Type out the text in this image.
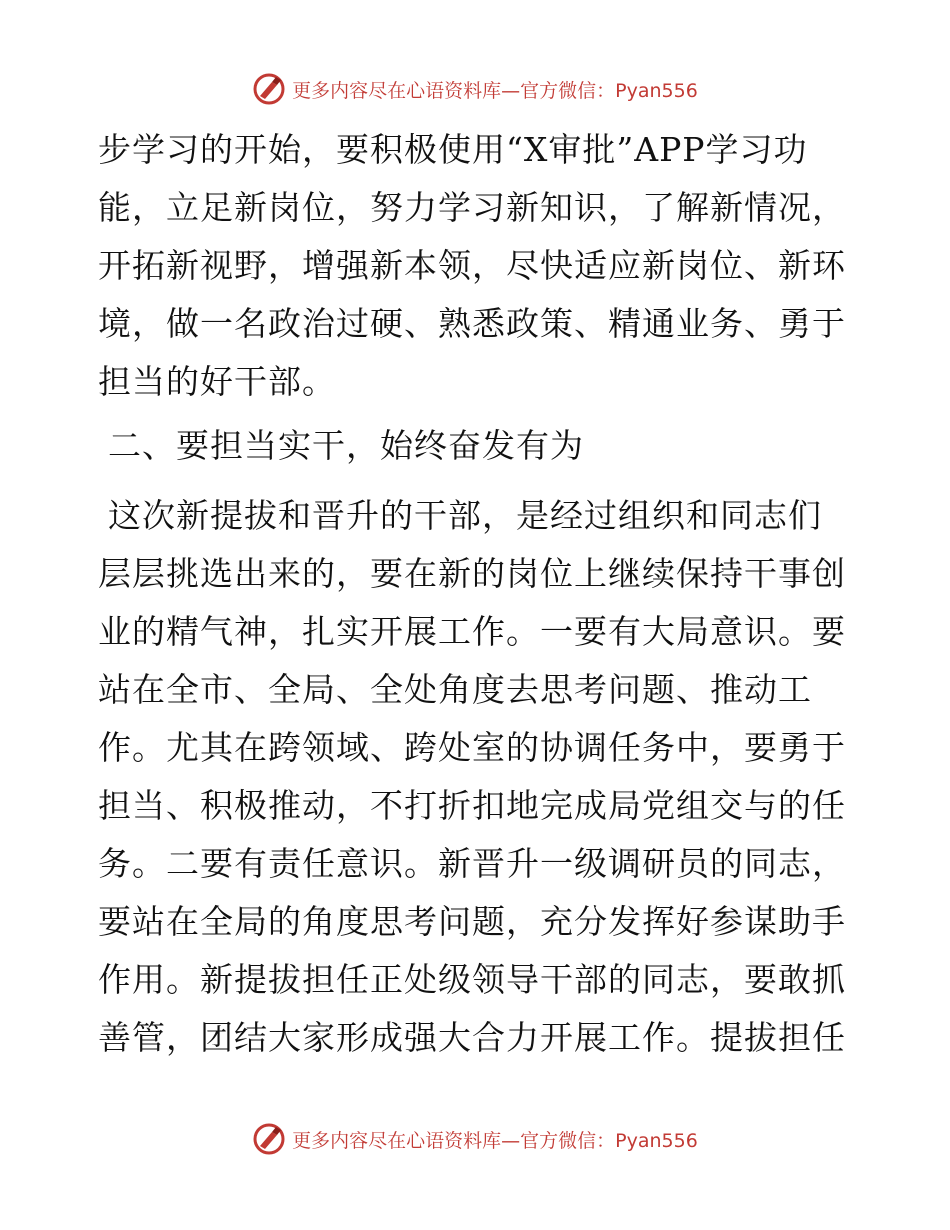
更多内容尽在心语资料库—官方微信：Pyan556
步学习的开始，要积极使用“X审批”APP学习功
能，立足新岗位，努力学习新知识，了解新情况，
开拓新视野，增强新本领，尽快适应新岗位、新环
境，做一名政治过硬、熟悉政策、精通业务、勇于
担当的好干部。
二、要担当实干，始终奋发有为
这次新提拔和晋升的干部，是经过组织和同志们
层层挑选出来的，要在新的岗位上继续保持干事创
业的精气神，扎实开展工作。一要有大局意识。要
站在全市、全局、全处角度去思考问题、推动工
作。尤其在跨领域、跨处室的协调任务中，要勇于
担当、积极推动，不打折扣地完成局党组交与的任
务。二要有责任意识。新晋升一级调研员的同志，
要站在全局的角度思考问题，充分发挥好参谋助手
作用。新提拔担任正处级领导干部的同志，要敢抓
善管，团结大家形成强大合力开展工作。提拔担任
更多内容尽在心语资料库—官方微信：Pyan556
